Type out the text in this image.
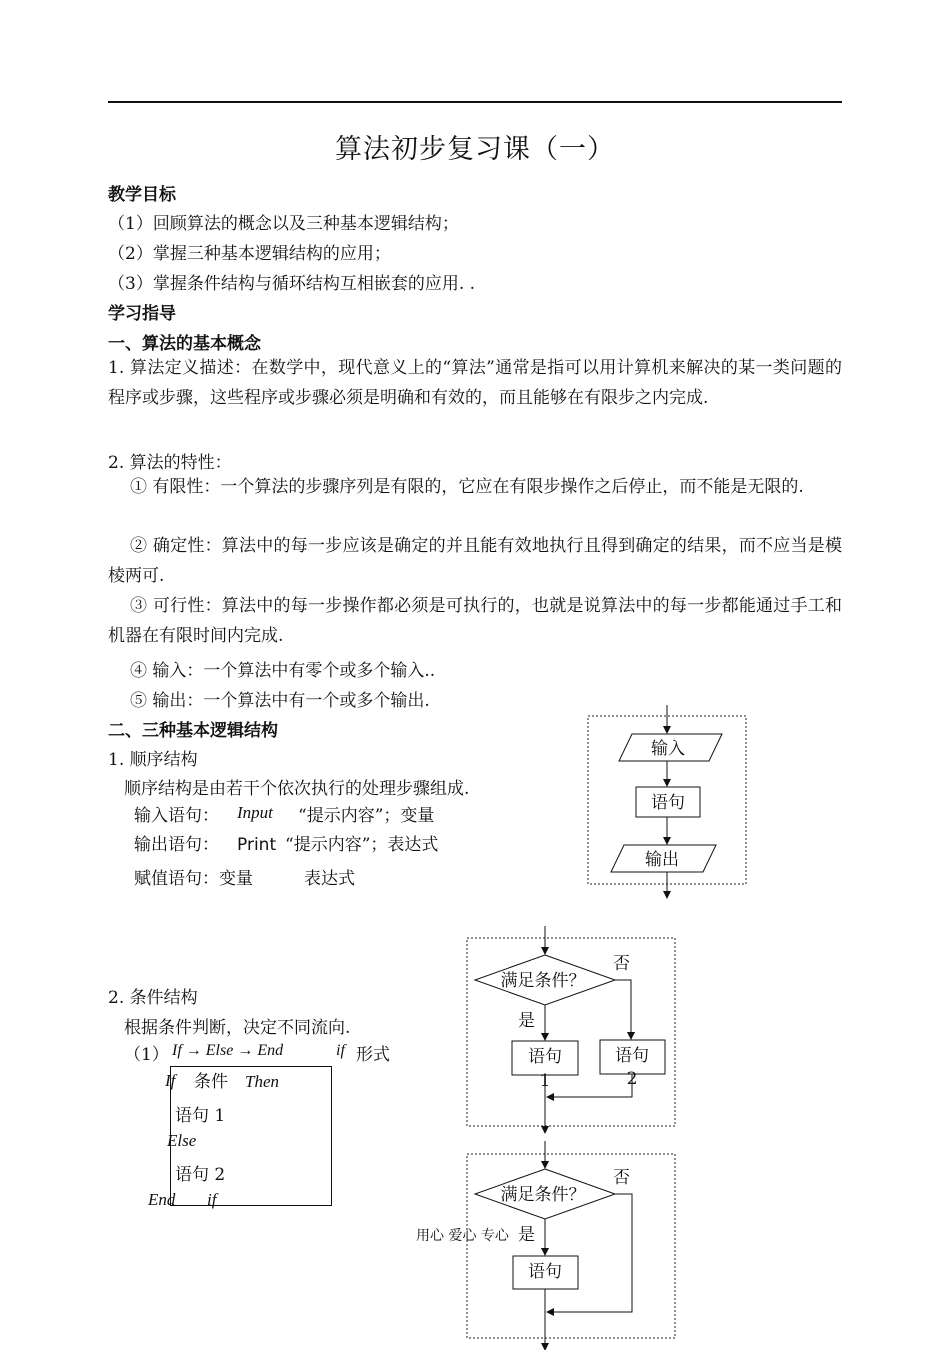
算法初步复习课（一）
教学目标
（1）回顾算法的概念以及三种基本逻辑结构；
（2）掌握三种基本逻辑结构的应用；
（3）掌握条件结构与循环结构互相嵌套的应用. .
学习指导
一、算法的基本概念
1. 算法定义描述：在数学中，现代意义上的“算法”通常是指可以用计算机来解决的某一类问题的程序或步骤，这些程序或步骤必须是明确和有效的，而且能够在有限步之内完成.
2. 算法的特性：
① 有限性：一个算法的步骤序列是有限的，它应在有限步操作之后停止，而不能是无限的.
② 确定性：算法中的每一步应该是确定的并且能有效地执行且得到确定的结果，而不应当是模棱两可.
③ 可行性：算法中的每一步操作都必须是可执行的，也就是说算法中的每一步都能通过手工和机器在有限时间内完成.
④ 输入：一个算法中有零个或多个输入..
⑤ 输出：一个算法中有一个或多个输出.
二、三种基本逻辑结构
1. 顺序结构
顺序结构是由若干个依次执行的处理步骤组成.
输入语句： Input “提示内容”；变量
输出语句： Print “提示内容”；表达式
赋值语句：变量	表达式
2. 条件结构
根据条件判断，决定不同流向.
（1） If → Else → End	if 形式
If 条件 Then
语句 1
Else
语句 2
End if
输入
语句
输出
满足条件？
否
是
语句
1
语句
2
满足条件？
否
是
语句
用心 爱心 专心
